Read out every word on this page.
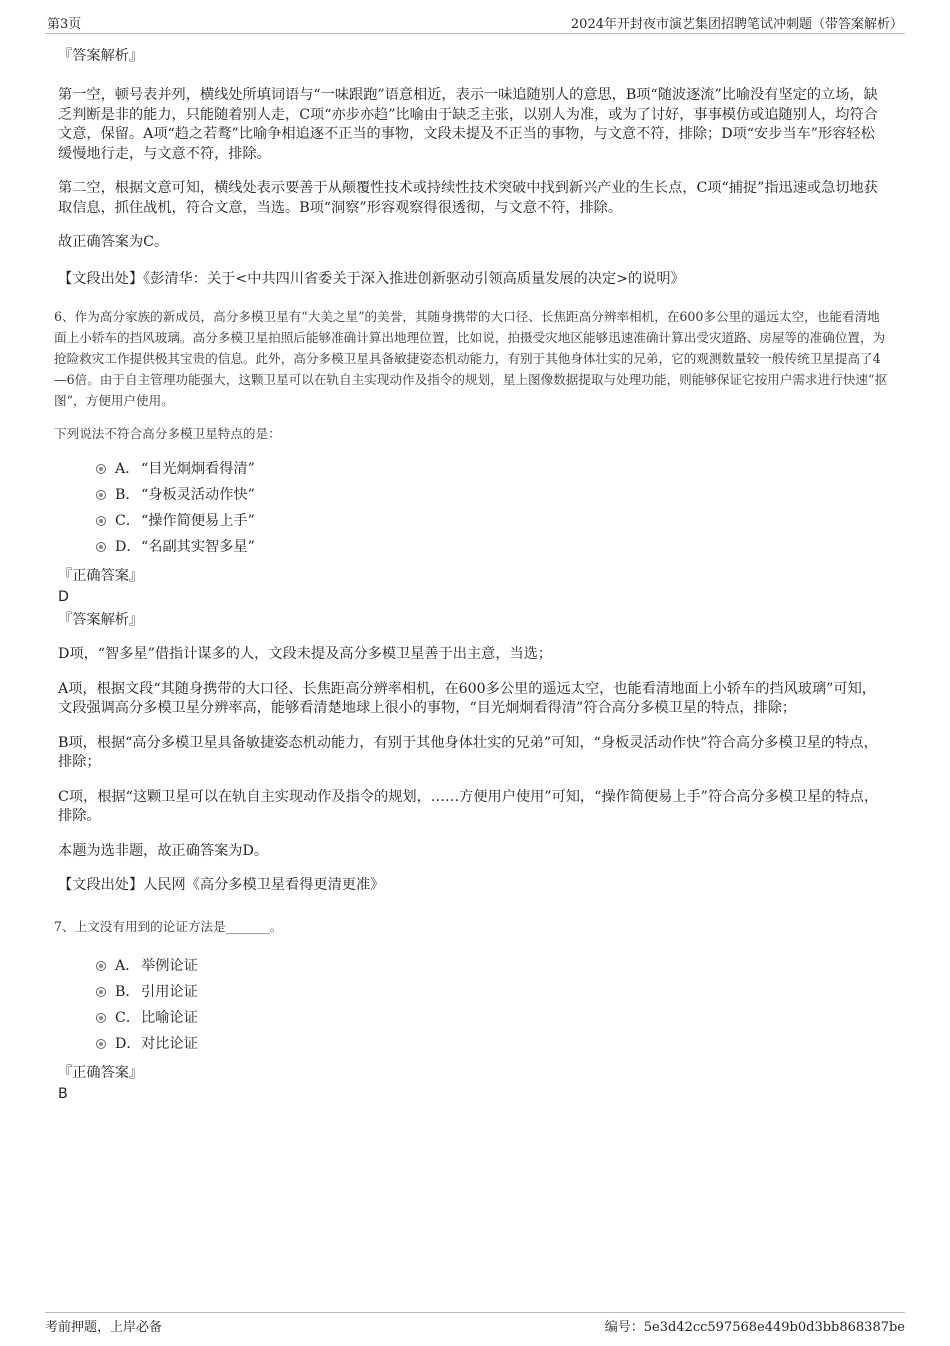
第3页	2024年开封夜市演艺集团招聘笔试冲刺题（带答案解析）

『答案解析』

第一空，顿号表并列，横线处所填词语与“一味跟跑”语意相近，表示一味追随别人的意思，B项“随波逐流”比喻没有坚定的立场，缺乏判断是非的能力，只能随着别人走，C项“亦步亦趋”比喻由于缺乏主张，以别人为准，或为了讨好，事事模仿或追随别人，均符合文意，保留。A项“趋之若鹜”比喻争相追逐不正当的事物，文段未提及不正当的事物，与文意不符，排除；D项“安步当车”形容轻松缓慢地行走，与文意不符，排除。

第二空，根据文意可知，横线处表示要善于从颠覆性技术或持续性技术突破中找到新兴产业的生长点，C项“捕捉”指迅速或急切地获取信息，抓住战机，符合文意，当选。B项“洞察”形容观察得很透彻，与文意不符，排除。

故正确答案为C。

【文段出处】《彭清华：关于<中共四川省委关于深入推进创新驱动引领高质量发展的决定>的说明》

6、作为高分家族的新成员，高分多模卫星有“大美之星”的美誉，其随身携带的大口径、长焦距高分辨率相机，在600多公里的遥远太空，也能看清地面上小轿车的挡风玻璃。高分多模卫星拍照后能够准确计算出地理位置，比如说，拍摄受灾地区能够迅速准确计算出受灾道路、房屋等的准确位置，为抢险救灾工作提供极其宝贵的信息。此外，高分多模卫星具备敏捷姿态机动能力，有别于其他身体壮实的兄弟，它的观测数量较一般传统卫星提高了4—6倍。由于自主管理功能强大，这颗卫星可以在轨自主实现动作及指令的规划，星上图像数据提取与处理功能，则能够保证它按用户需求进行快速“抠图”，方便用户使用。

下列说法不符合高分多模卫星特点的是：

A． “目光炯炯看得清”
B．“身板灵活动作快”
C．“操作简便易上手”
D．“名副其实智多星”

『正确答案』

D

『答案解析』

D项，“智多星”借指计谋多的人，文段未提及高分多模卫星善于出主意，当选；

A项，根据文段“其随身携带的大口径、长焦距高分辨率相机，在600多公里的遥远太空，也能看清地面上小轿车的挡风玻璃”可知，文段强调高分多模卫星分辨率高，能够看清楚地球上很小的事物，“目光炯炯看得清”符合高分多模卫星的特点，排除；

B项，根据“高分多模卫星具备敏捷姿态机动能力，有别于其他身体壮实的兄弟”可知，“身板灵活动作快”符合高分多模卫星的特点，排除；

C项，根据“这颗卫星可以在轨自主实现动作及指令的规划，……方便用户使用”可知，“操作简便易上手”符合高分多模卫星的特点，排除。

本题为选非题，故正确答案为D。

【文段出处】人民网《高分多模卫星看得更清更准》

7、上文没有用到的论证方法是_______。

A． 举例论证
B．引用论证
C．比喻论证
D．对比论证

『正确答案』

B

考前押题，上岸必备	编号：5e3d42cc597568e449b0d3bb868387be
